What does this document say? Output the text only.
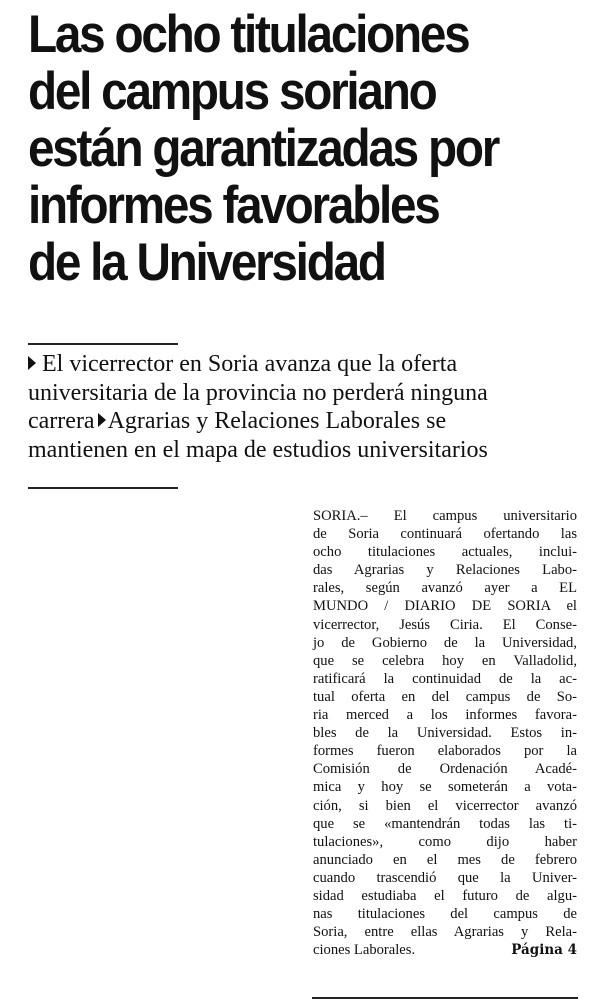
Las ocho titulaciones
del campus soriano
están garantizadas por
informes favorables
de la Universidad
El vicerrector en Soria avanza que la oferta
universitaria de la provincia no perderá ninguna
carrera Agrarias y Relaciones Laborales se
mantienen en el mapa de estudios universitarios
SORIA.– El campus universitario
de Soria continuará ofertando las
ocho titulaciones actuales, inclui-
das Agrarias y Relaciones Labo-
rales, según avanzó ayer a EL
MUNDO / DIARIO DE SORIA el
vicerrector, Jesús Ciria. El Conse-
jo de Gobierno de la Universidad,
que se celebra hoy en Valladolid,
ratificará la continuidad de la ac-
tual oferta en del campus de So-
ria merced a los informes favora-
bles de la Universidad. Estos in-
formes fueron elaborados por la
Comisión de Ordenación Acadé-
mica y hoy se someterán a vota-
ción, si bien el vicerrector avanzó
que se «mantendrán todas las ti-
tulaciones», como dijo haber
anunciado en el mes de febrero
cuando trascendió que la Univer-
sidad estudiaba el futuro de algu-
nas titulaciones del campus de
Soria, entre ellas Agrarias y Rela-
ciones Laborales.	Página 4
